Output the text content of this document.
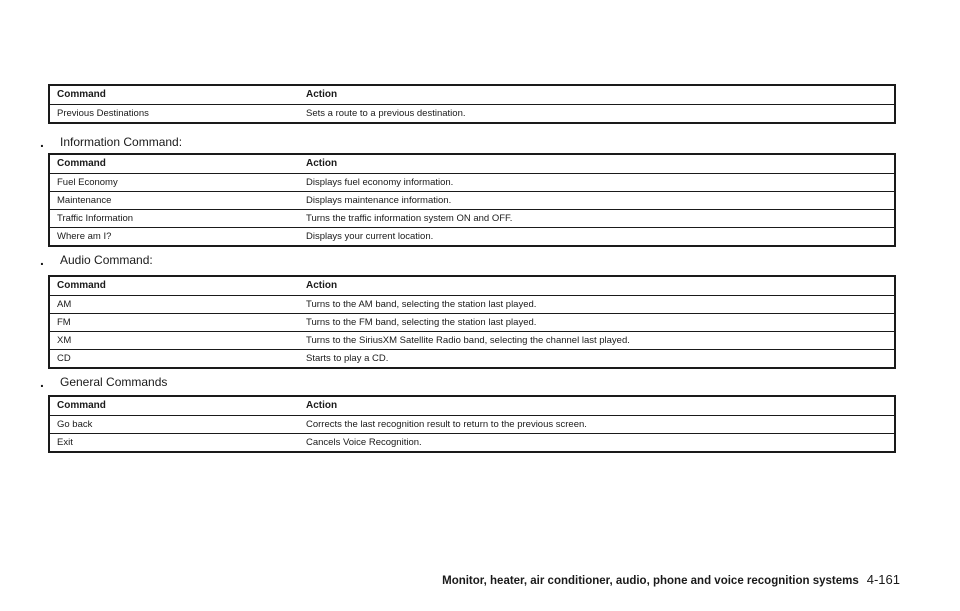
Command	Action
Previous Destinations	Sets a route to a previous destination.
.	Information Command:
Command	Action
Fuel Economy	Displays fuel economy information.
Maintenance	Displays maintenance information.
Traffic Information	Turns the traffic information system ON and OFF.
Where am I?	Displays your current location.
.	Audio Command:
Command	Action
AM	Turns to the AM band, selecting the station last played.
FM	Turns to the FM band, selecting the station last played.
XM	Turns to the SiriusXM Satellite Radio band, selecting the channel last played.
CD	Starts to play a CD.
.	General Commands
Command	Action
Go back	Corrects the last recognition result to return to the previous screen.
Exit	Cancels Voice Recognition.
Monitor, heater, air conditioner, audio, phone and voice recognition systems 4-161
